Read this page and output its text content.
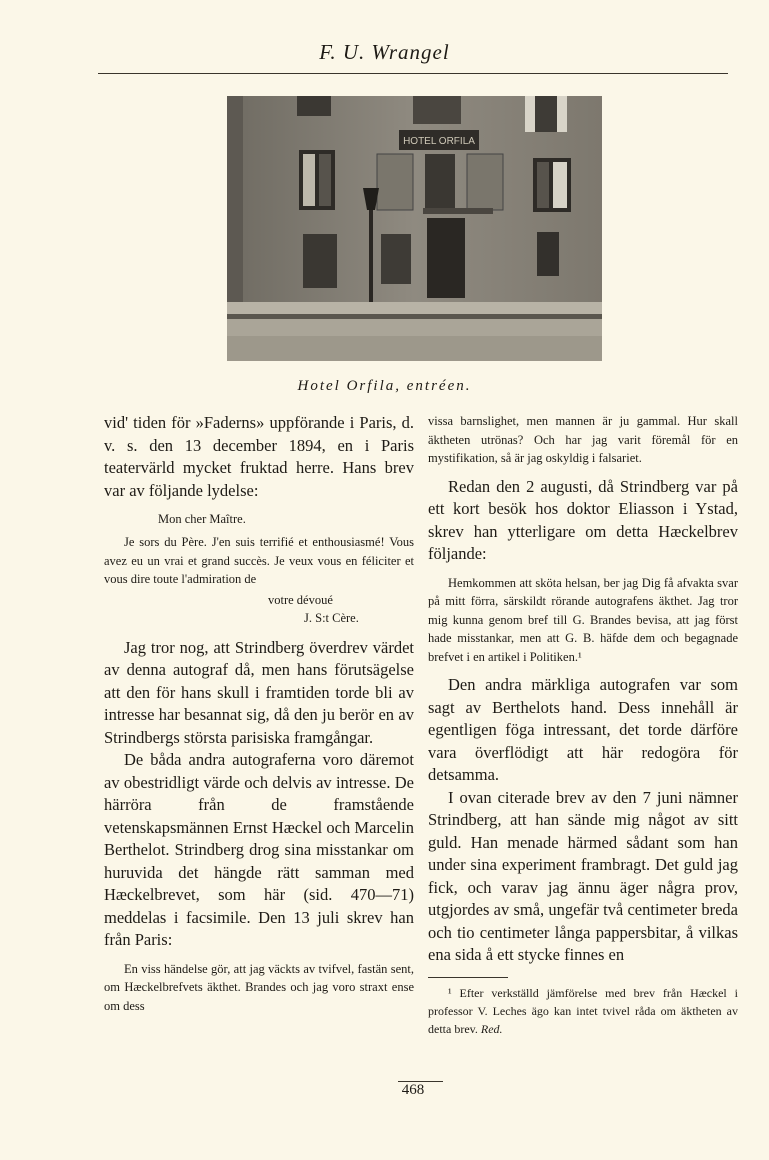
F. U. Wrangel
HOTEL ORFILA
Hotel Orfila, entréen.

vid' tiden för »Faderns» uppförande i Paris, d. v. s. den 13 december 1894, en i Paris teatervärld mycket fruktad herre. Hans brev var av följande lydelse:

Mon cher Maître.

Je sors du Père. J'en suis terrifié et enthousiasmé! Vous avez eu un vrai et grand succès. Je veux vous en féliciter et vous dire toute l'admiration de

votre dévoué
J. S:t Cère.

Jag tror nog, att Strindberg överdrev värdet av denna autograf då, men hans förutsägelse att den för hans skull i framtiden torde bli av intresse har besannat sig, då den ju berör en av Strindbergs största parisiska framgångar.

De båda andra autograferna voro däremot av obestridligt värde och delvis av intresse. De härröra från de framstående vetenskapsmännen Ernst Hæckel och Marcelin Berthelot. Strindberg drog sina misstankar om huruvida det hängde rätt samman med Hæckelbrevet, som här (sid. 470—71) meddelas i facsimile. Den 13 juli skrev han från Paris:

En viss händelse gör, att jag väckts av tvifvel, fastän sent, om Hæckelbrefvets äkthet. Brandes och jag voro straxt ense om dess

vissa barnslighet, men mannen är ju gammal. Hur skall äktheten utrönas? Och har jag varit föremål för en mystifikation, så är jag oskyldig i falsariet.

Redan den 2 augusti, då Strindberg var på ett kort besök hos doktor Eliasson i Ystad, skrev han ytterligare om detta Hæckelbrev följande:

Hemkommen att sköta helsan, ber jag Dig få afvakta svar på mitt förra, särskildt rörande autografens äkthet. Jag tror mig kunna genom bref till G. Brandes bevisa, att jag först hade misstankar, men att G. B. häfde dem och begagnade brefvet i en artikel i Politiken.¹

Den andra märkliga autografen var som sagt av Berthelots hand. Dess innehåll är egentligen föga intressant, det torde därföre vara överflödigt att här redogöra för detsamma.

I ovan citerade brev av den 7 juni nämner Strindberg, att han sände mig något av sitt guld. Han menade härmed sådant som han under sina experiment frambragt. Det guld jag fick, och varav jag ännu äger några prov, utgjordes av små, ungefär två centimeter breda och tio centimeter långa pappersbitar, å vilkas ena sida å ett stycke finnes en

¹ Efter verkställd jämförelse med brev från Hæckel i professor V. Leches ägo kan intet tvivel råda om äktheten av detta brev. Red.

468
